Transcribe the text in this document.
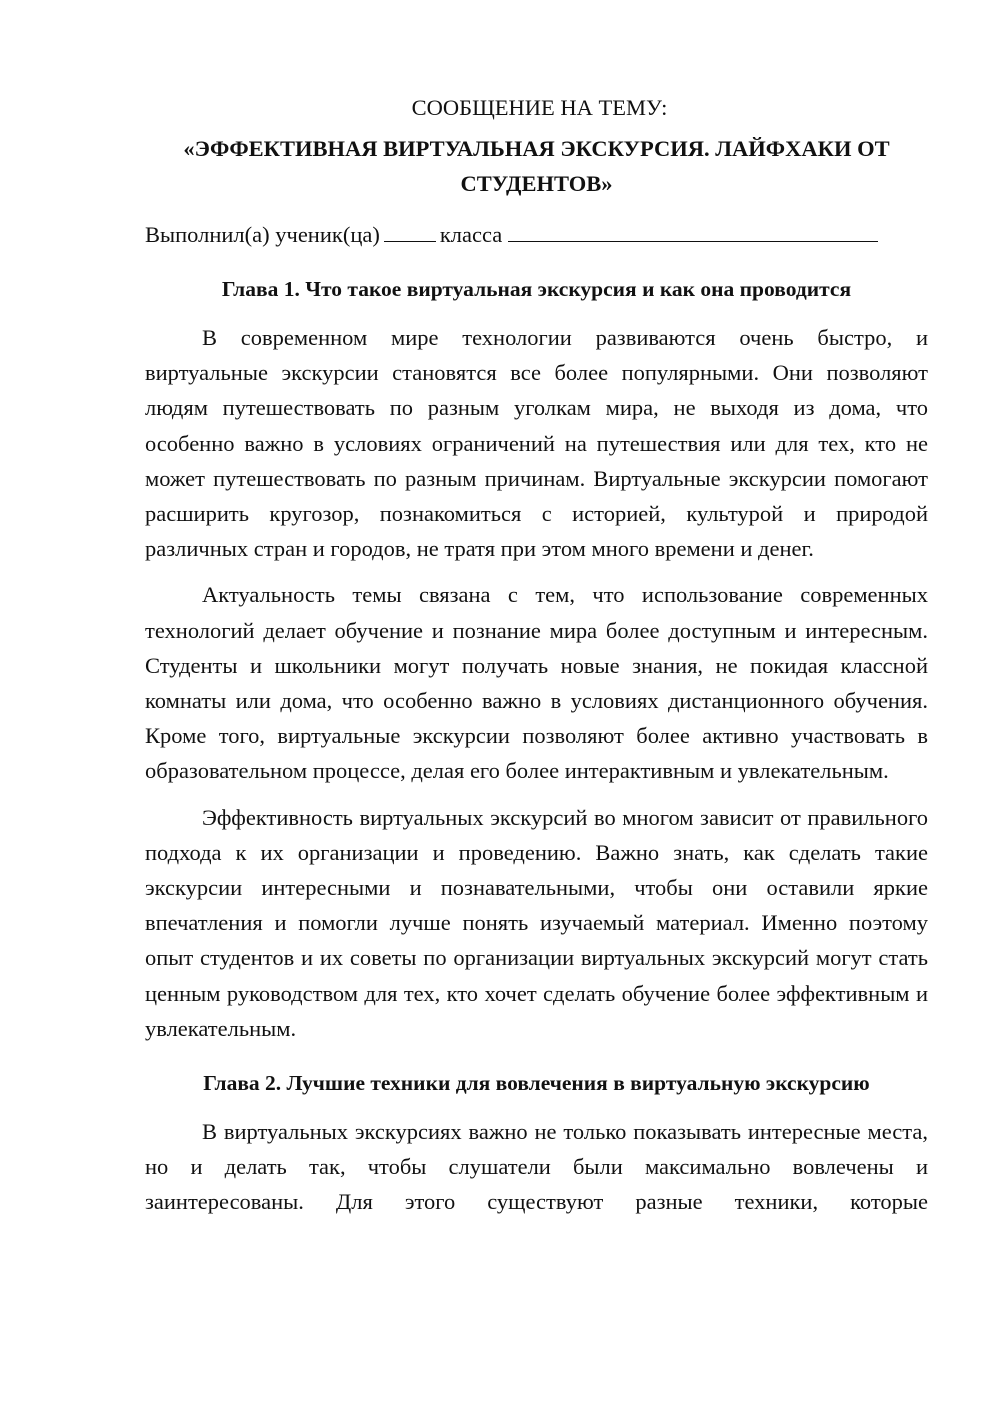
СООБЩЕНИЕ НА ТЕМУ:

«ЭФФЕКТИВНАЯ ВИРТУАЛЬНАЯ ЭКСКУРСИЯ. ЛАЙФХАКИ ОТ СТУДЕНТОВ»

Выполнил(а) ученик(ца)	класса

Глава 1. Что такое виртуальная экскурсия и как она проводится

В современном мире технологии развиваются очень быстро, и виртуальные экскурсии становятся все более популярными. Они позволяют людям путешествовать по разным уголкам мира, не выходя из дома, что особенно важно в условиях ограничений на путешествия или для тех, кто не может путешествовать по разным причинам. Виртуальные экскурсии помогают расширить кругозор, познакомиться с историей, культурой и природой различных стран и городов, не тратя при этом много времени и денег.

Актуальность темы связана с тем, что использование современных технологий делает обучение и познание мира более доступным и интересным. Студенты и школьники могут получать новые знания, не покидая классной комнаты или дома, что особенно важно в условиях дистанционного обучения. Кроме того, виртуальные экскурсии позволяют более активно участвовать в образовательном процессе, делая его более интерактивным и увлекательным.

Эффективность виртуальных экскурсий во многом зависит от правильного подхода к их организации и проведению. Важно знать, как сделать такие экскурсии интересными и познавательными, чтобы они оставили яркие впечатления и помогли лучше понять изучаемый материал. Именно поэтому опыт студентов и их советы по организации виртуальных экскурсий могут стать ценным руководством для тех, кто хочет сделать обучение более эффективным и увлекательным.

Глава 2. Лучшие техники для вовлечения в виртуальную экскурсию

В виртуальных экскурсиях важно не только показывать интересные места, но и делать так, чтобы слушатели были максимально вовлечены и заинтересованы. Для этого существуют разные техники, которые
